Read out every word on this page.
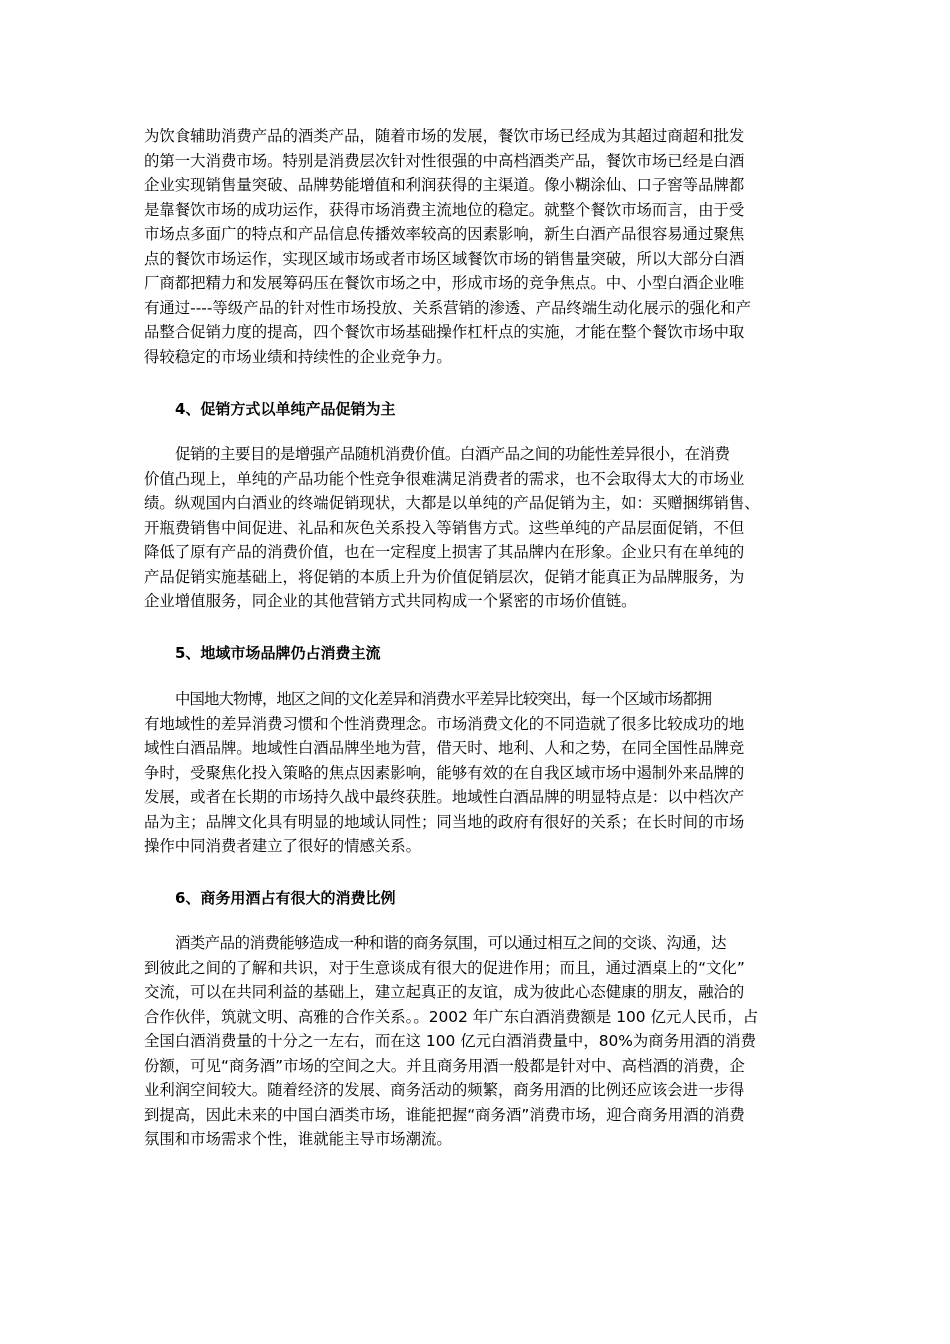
为饮食辅助消费产品的酒类产品，随着市场的发展，餐饮市场已经成为其超过商超和批发
的第一大消费市场。特别是消费层次针对性很强的中高档酒类产品，餐饮市场已经是白酒
企业实现销售量突破、品牌势能增值和利润获得的主渠道。像小糊涂仙、口子窖等品牌都
是靠餐饮市场的成功运作，获得市场消费主流地位的稳定。就整个餐饮市场而言，由于受
市场点多面广的特点和产品信息传播效率较高的因素影响，新生白酒产品很容易通过聚焦
点的餐饮市场运作，实现区域市场或者市场区域餐饮市场的销售量突破，所以大部分白酒
厂商都把精力和发展筹码压在餐饮市场之中，形成市场的竞争焦点。中、小型白酒企业唯
有通过----等级产品的针对性市场投放、关系营销的渗透、产品终端生动化展示的强化和产
品整合促销力度的提高，四个餐饮市场基础操作杠杆点的实施，才能在整个餐饮市场中取
得较稳定的市场业绩和持续性的企业竞争力。
4、促销方式以单纯产品促销为主
促销的主要目的是增强产品随机消费价值。白酒产品之间的功能性差异很小，在消费
价值凸现上，单纯的产品功能个性竞争很难满足消费者的需求，也不会取得太大的市场业
绩。纵观国内白酒业的终端促销现状，大都是以单纯的产品促销为主，如：买赠捆绑销售、
开瓶费销售中间促进、礼品和灰色关系投入等销售方式。这些单纯的产品层面促销，不但
降低了原有产品的消费价值，也在一定程度上损害了其品牌内在形象。企业只有在单纯的
产品促销实施基础上，将促销的本质上升为价值促销层次，促销才能真正为品牌服务，为
企业增值服务，同企业的其他营销方式共同构成一个紧密的市场价值链。
5、地域市场品牌仍占消费主流
中国地大物博，地区之间的文化差异和消费水平差异比较突出，每一个区域市场都拥
有地域性的差异消费习惯和个性消费理念。市场消费文化的不同造就了很多比较成功的地
域性白酒品牌。地域性白酒品牌坐地为营，借天时、地利、人和之势，在同全国性品牌竞
争时，受聚焦化投入策略的焦点因素影响，能够有效的在自我区域市场中遏制外来品牌的
发展，或者在长期的市场持久战中最终获胜。地域性白酒品牌的明显特点是：以中档次产
品为主；品牌文化具有明显的地域认同性；同当地的政府有很好的关系；在长时间的市场
操作中同消费者建立了很好的情感关系。
6、商务用酒占有很大的消费比例
酒类产品的消费能够造成一种和谐的商务氛围，可以通过相互之间的交谈、沟通，达
到彼此之间的了解和共识，对于生意谈成有很大的促进作用；而且，通过酒桌上的“文化”
交流，可以在共同利益的基础上，建立起真正的友谊，成为彼此心态健康的朋友，融洽的
合作伙伴，筑就文明、高雅的合作关系。。2002 年广东白酒消费额是 100 亿元人民币，占
全国白酒消费量的十分之一左右，而在这 100 亿元白酒消费量中，80%为商务用酒的消费
份额，可见“商务酒”市场的空间之大。并且商务用酒一般都是针对中、高档酒的消费，企
业利润空间较大。随着经济的发展、商务活动的频繁，商务用酒的比例还应该会进一步得
到提高，因此未来的中国白酒类市场，谁能把握“商务酒”消费市场，迎合商务用酒的消费
氛围和市场需求个性，谁就能主导市场潮流。
